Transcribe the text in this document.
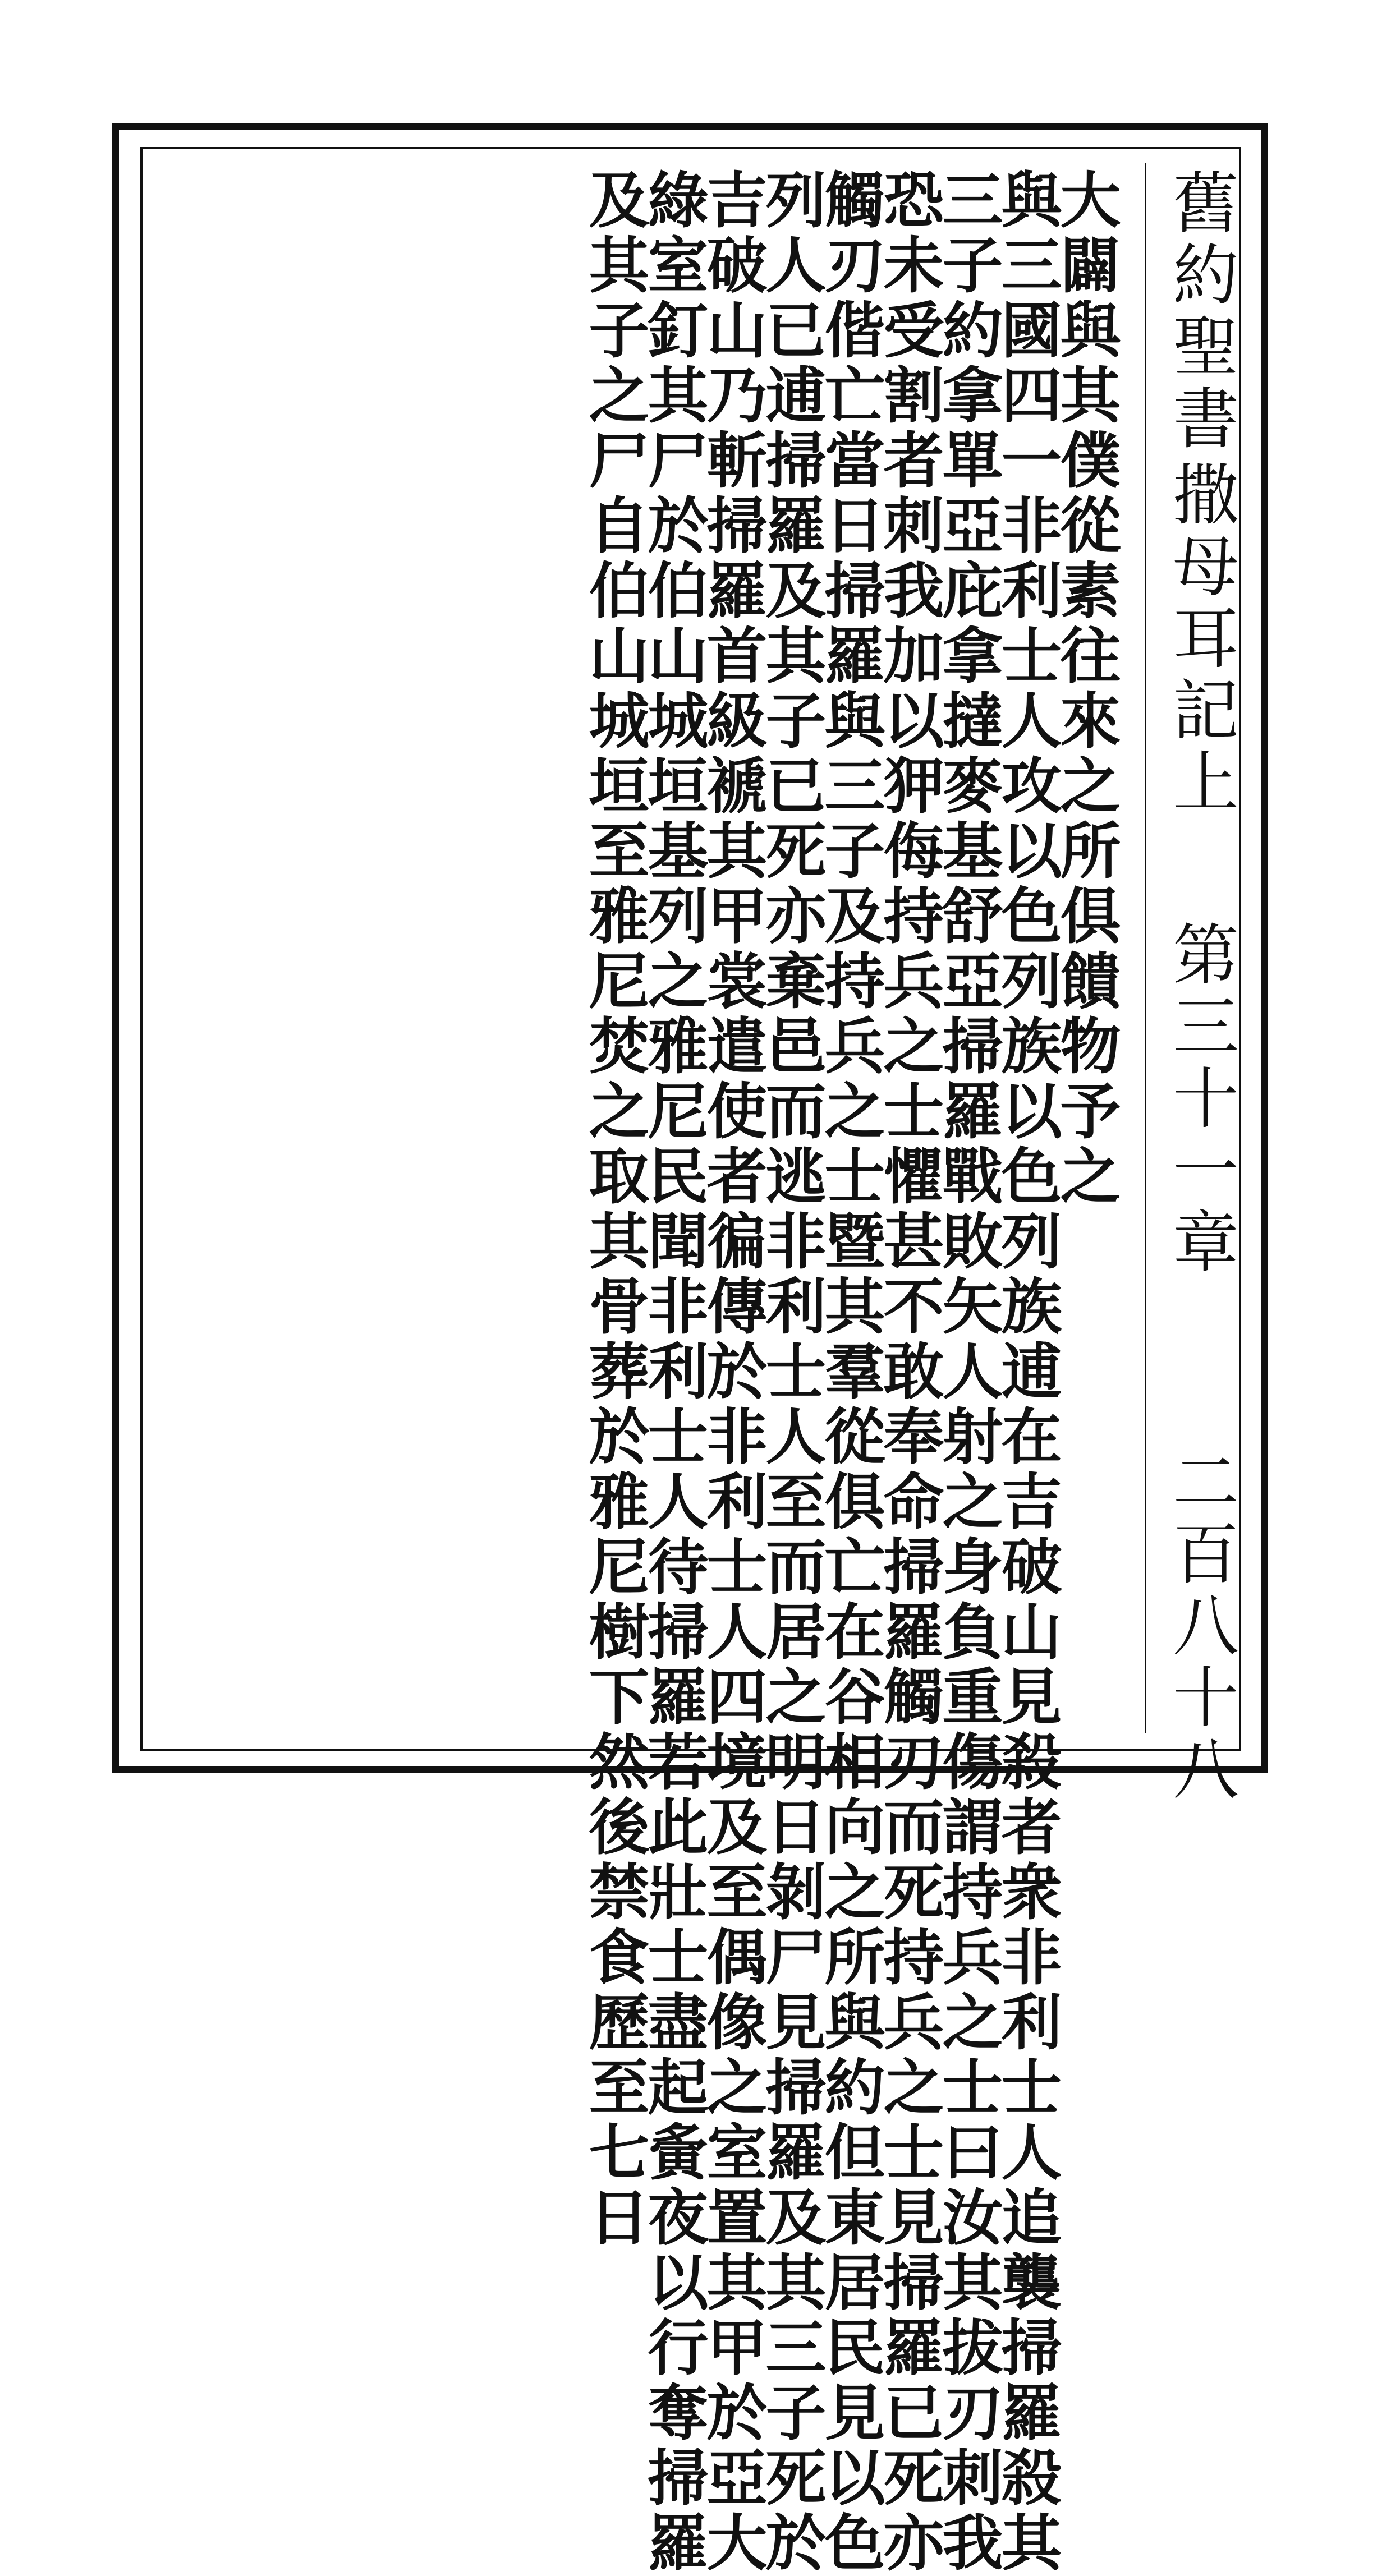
舊約聖書
撒母耳記上
第三十一章
二百八十八
大闢與其僕從素往來之所俱饋物予之
與三國四一非利士人攻以色列族以色列族逋在吉破山見殺者衆非利士人追襲掃羅殺其
三子約拿單亞庇拿撻麥基舒亞掃羅戰敗矢人射之身負重傷謂持兵之士曰汝其拔刃刺我
恐未受割者刺我加以狎侮持兵之士懼甚不敢奉命掃羅觸刃而死持兵之士見掃羅已死亦
觸刃偕亡當日掃羅與三子及持兵之士暨其羣從俱亡在谷相向之所與約但東居民見以色
列人已逋掃羅及其子已死亦棄邑而逃非利士人至而居之明日剝尸見掃羅及其三子死於
吉破山乃斬掃羅首級褫其甲裳遣使者徧傳於非利士人四境及至偶像之室置其甲於亞大
綠室釘其尸於伯山城垣基列之雅尼民聞非利士人待掃羅若此壯士盡起夤夜以行奪掃羅
及其子之尸自伯山城垣至雅尼焚之取其骨葬於雅尼樹下然後禁食歷至七日
